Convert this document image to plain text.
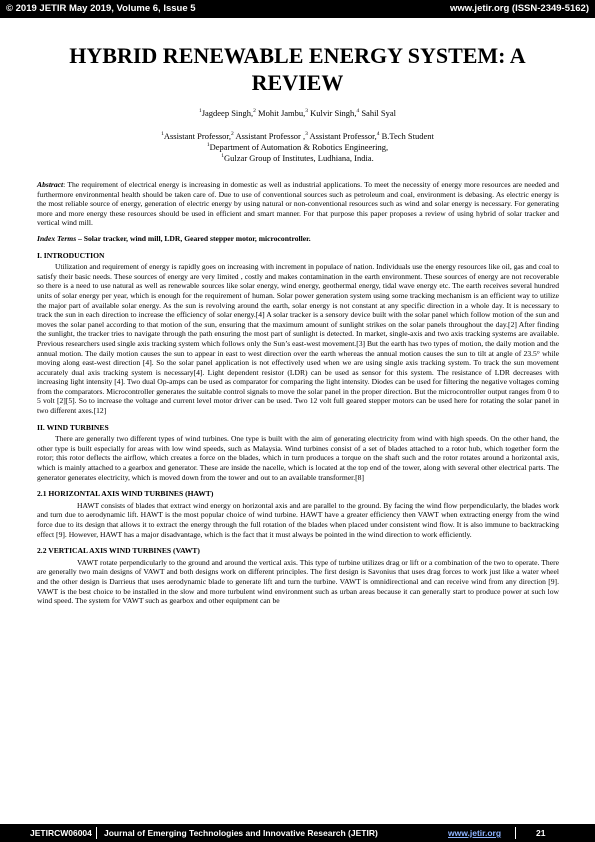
© 2019 JETIR May 2019, Volume 6, Issue 5	www.jetir.org (ISSN-2349-5162)
HYBRID RENEWABLE ENERGY SYSTEM: A
REVIEW
$^1$Jagdeep Singh,$^2$ Mohit Jambu,$^3$ Kulvir Singh,$^4$ Sahil Syal
$^1$Assistant Professor,$^2$ Assistant Professor ,$^3$ Assistant Professor,$^4$ B.Tech Student
$^1$Department of Automation & Robotics Engineering,
$^1$Gulzar Group of Institutes, Ludhiana, India.

Abstract: The requirement of electrical energy is increasing in domestic as well as industrial applications. To meet the necessity of energy more resources are needed and furthermore environmental health should be taken care of. Due to use of conventional sources such as petroleum and coal, environment is debasing. As electric energy is the most reliable source of energy, generation of electric energy by using natural or non-conventional resources such as wind and solar energy is necessary. For generating more and more energy these resources should be used in efficient and smart manner. For that purpose this paper proposes a review of using hybrid of solar tracker and vertical wind mill.

Index Terms – Solar tracker, wind mill, LDR, Geared stepper motor, microcontroller.

I. INTRODUCTION

Utilization and requirement of energy is rapidly goes on increasing with increment in populace of nation. Individuals use the energy resources like oil, gas and coal to satisfy their basic needs. These sources of energy are very limited , costly and makes contamination in the earth environment. These sources of energy are not recoverable so there is a need to use natural as well as renewable sources like solar energy, wind energy, geothermal energy, tidal wave energy etc. The earth receives several hundred units of solar energy per year, which is enough for the requirement of human. Solar power generation system using some tracking mechanism is an efficient way to utilize the major part of available solar energy. As the sun is revolving around the earth, solar energy is not constant at any specific direction in a whole day. It is necessary to track the sun in each direction to increase the efficiency of solar energy.[4] A solar tracker is a sensory device built with the solar panel which follow motion of the sun and moves the solar panel according to that motion of the sun, ensuring that the maximum amount of sunlight strikes on the solar panels throughout the day.[2] After finding the sunlight, the tracker tries to navigate through the path ensuring the most part of sunlight is detected. In market, single-axis and two axis tracking systems are available. Previous researchers used single axis tracking system which follows only the Sun’s east-west movement.[3] But the earth has two types of motion, the daily motion and the annual motion. The daily motion causes the sun to appear in east to west direction over the earth whereas the annual motion causes the sun to tilt at angle of 23.5° while moving along east-west direction [4]. So the solar panel application is not effectively used when we are using single axis tracking system. To track the sun movement accurately dual axis tracking system is necessary[4]. Light dependent resistor (LDR) can be used as sensor for this system. The resistance of LDR decreases with increasing light intensity [4]. Two dual Op-amps can be used as comparator for comparing the light intensity. Diodes can be used for filtering the negative voltages coming from the comparators. Microcontroller generates the suitable control signals to move the solar panel in the proper direction. But the microcontroller output ranges from 0 to 5 volt [2][5]. So to increase the voltage and current level motor driver can be used. Two 12 volt full geared stepper motors can be used here for rotating the solar panel in two different axes.[12]

II. WIND TURBINES

There are generally two different types of wind turbines. One type is built with the aim of generating electricity from wind with high speeds. On the other hand, the other type is built especially for areas with low wind speeds, such as Malaysia. Wind turbines consist of a set of blades attached to a rotor hub, which together form the rotor; this rotor deflects the airflow, which creates a force on the blades, which in turn produces a torque on the shaft such and the rotor rotates around a horizontal axis, which is mainly attached to a gearbox and generator. These are inside the nacelle, which is located at the top end of the tower, along with several other electrical parts. The generator generates electricity, which is moved down from the tower and out to an available transformer.[8]

2.1 HORIZONTAL AXIS WIND TURBINES (HAWT)

HAWT consists of blades that extract wind energy on horizontal axis and are parallel to the ground. By facing the wind flow perpendicularly, the blades work and turn due to aerodynamic lift. HAWT is the most popular choice of wind turbine. HAWT have a greater efficiency then VAWT when extracting energy from the wind force due to its design that allows it to extract the energy through the full rotation of the blades when placed under consistent wind flow. It is also immune to backtracking effect [9]. However, HAWT has a major disadvantage, which is the fact that it must always be pointed in the wind direction to work efficiently.

2.2 VERTICAL AXIS WIND TURBINES (VAWT)

VAWT rotate perpendicularly to the ground and around the vertical axis. This type of turbine utilizes drag or lift or a combination of the two to operate. There are generally two main designs of VAWT and both designs work on different principles. The first design is Savonius that uses drag forces to work just like a water wheel and the other design is Darrieus that uses aerodynamic blade to generate lift and turn the turbine. VAWT is omnidirectional and can receive wind from any direction [9]. VAWT is the best choice to be installed in the slow and more turbulent wind environment such as urban areas because it can generally start to produce power at such low wind speed. The system for VAWT such as gearbox and other equipment can be

JETIRCW06004 Journal of Emerging Technologies and Innovative Research (JETIR)	www.jetir.org	21
